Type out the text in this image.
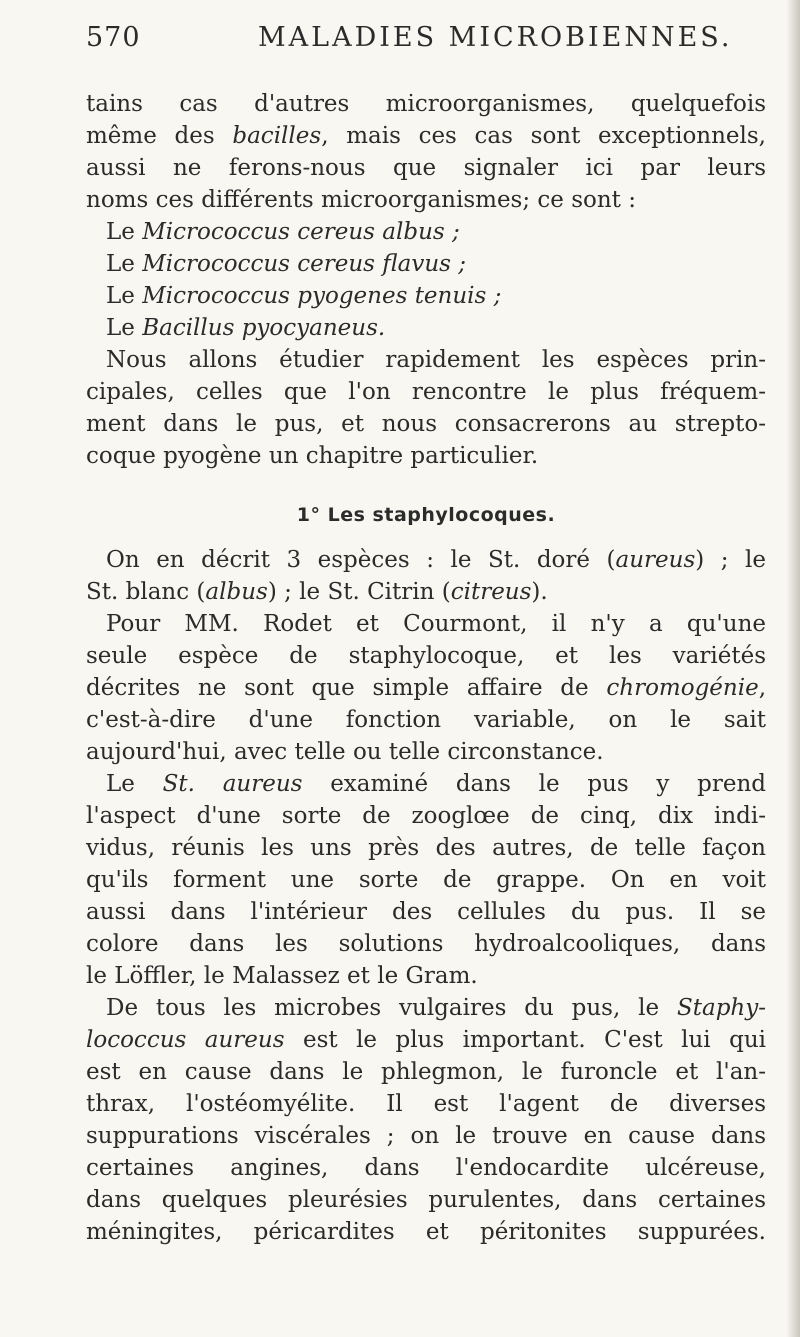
570	MALADIES MICROBIENNES.
tains cas d'autres microorganismes, quelquefois
même des bacilles, mais ces cas sont exceptionnels,
aussi ne ferons-nous que signaler ici par leurs
noms ces différents microorganismes; ce sont :
Le Micrococcus cereus albus ;
Le Micrococcus cereus flavus ;
Le Micrococcus pyogenes tenuis ;
Le Bacillus pyocyaneus.
Nous allons étudier rapidement les espèces prin-
cipales, celles que l'on rencontre le plus fréquem-
ment dans le pus, et nous consacrerons au strepto-
coque pyogène un chapitre particulier.
1° Les staphylocoques.
On en décrit 3 espèces : le St. doré (aureus) ; le
St. blanc (albus) ; le St. Citrin (citreus).
Pour MM. Rodet et Courmont, il n'y a qu'une
seule espèce de staphylocoque, et les variétés
décrites ne sont que simple affaire de chromogénie,
c'est-à-dire d'une fonction variable, on le sait
aujourd'hui, avec telle ou telle circonstance.
Le St. aureus examiné dans le pus y prend
l'aspect d'une sorte de zooglœe de cinq, dix indi-
vidus, réunis les uns près des autres, de telle façon
qu'ils forment une sorte de grappe. On en voit
aussi dans l'intérieur des cellules du pus. Il se
colore dans les solutions hydroalcooliques, dans
le Löffler, le Malassez et le Gram.
De tous les microbes vulgaires du pus, le Staphy-
lococcus aureus est le plus important. C'est lui qui
est en cause dans le phlegmon, le furoncle et l'an-
thrax, l'ostéomyélite. Il est l'agent de diverses
suppurations viscérales ; on le trouve en cause dans
certaines angines, dans l'endocardite ulcéreuse,
dans quelques pleurésies purulentes, dans certaines
méningites, péricardites et péritonites suppurées.
